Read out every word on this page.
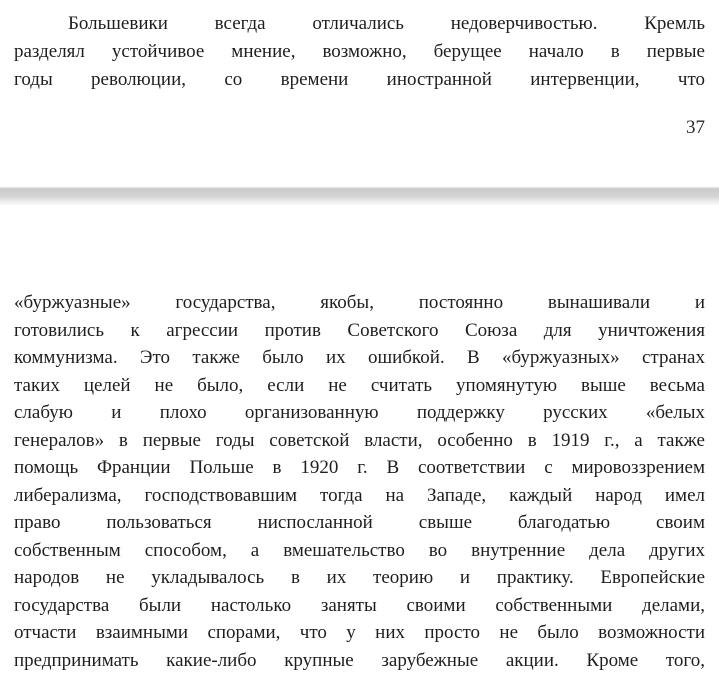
Большевики всегда отличались недоверчивостью. Кремль
разделял устойчивое мнение, возможно, берущее начало в первые
годы революции, со времени иностранной интервенции, что
37
«буржуазные» государства, якобы, постоянно вынашивали и
готовились к агрессии против Советского Союза для уничтожения
коммунизма. Это также было их ошибкой. В «буржуазных» странах
таких целей не было, если не считать упомянутую выше весьма
слабую и плохо организованную поддержку русских «белых
генералов» в первые годы советской власти, особенно в 1919 г., а также
помощь Франции Польше в 1920 г. В соответствии с мировоззрением
либерализма, господствовавшим тогда на Западе, каждый народ имел
право пользоваться ниспосланной свыше благодатью своим
собственным способом, а вмешательство во внутренние дела других
народов не укладывалось в их теорию и практику. Европейские
государства были настолько заняты своими собственными делами,
отчасти взаимными спорами, что у них просто не было возможности
предпринимать какие-либо крупные зарубежные акции. Кроме того,
